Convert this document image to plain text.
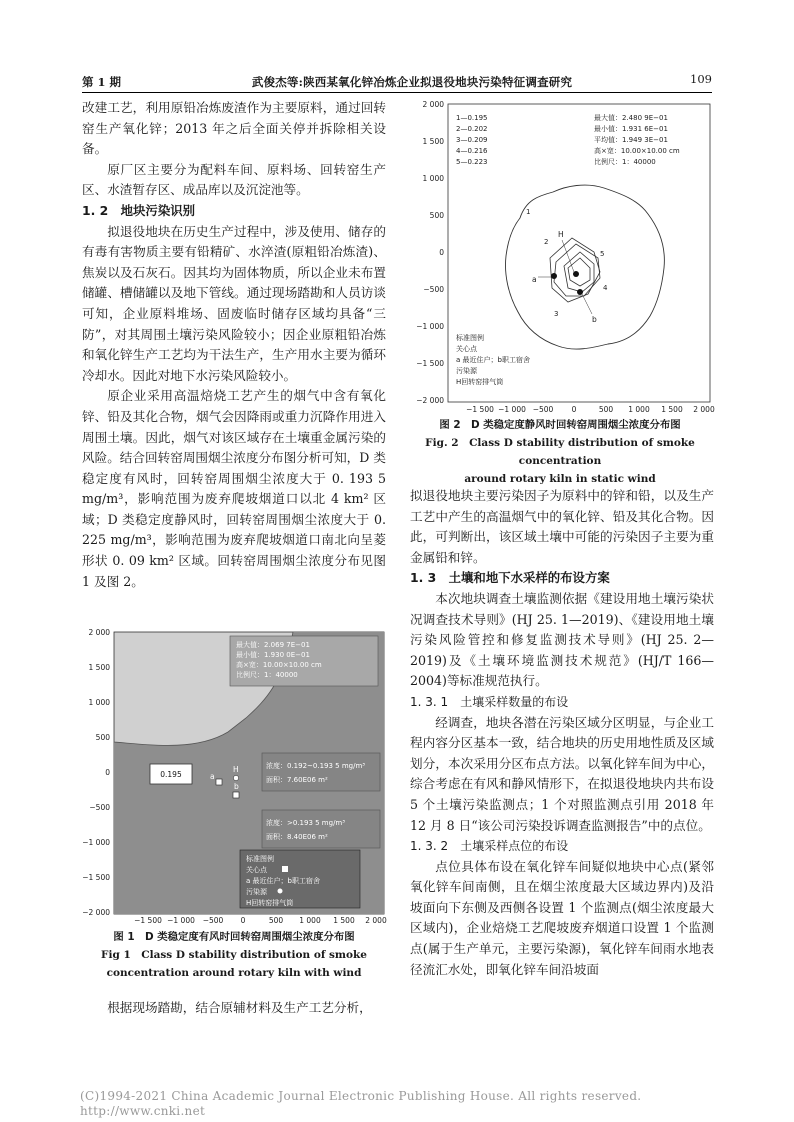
第 1 期	武俊杰等:陕西某氧化锌冶炼企业拟退役地块污染特征调查研究	109

改建工艺，利用原铅冶炼废渣作为主要原料，通过回转窑生产氧化锌；2013 年之后全面关停并拆除相关设备。

原厂区主要分为配料车间、原料场、回转窑生产区、水渣暂存区、成品库以及沉淀池等。

1. 2　 地块污染识别

拟退役地块在历史生产过程中，涉及使用、储存的有毒有害物质主要有铅精矿、水淬渣(原粗铅冶炼渣)、焦炭以及石灰石。因其均为固体物质，所以企业未布置储罐、槽储罐以及地下管线。通过现场踏勘和人员访谈可知，企业原料堆场、固废临时储存区域均具备“三防”，对其周围土壤污染风险较小；因企业原粗铅冶炼和氧化锌生产工艺均为干法生产，生产用水主要为循环冷却水。因此对地下水污染风险较小。

原企业采用高温焙烧工艺产生的烟气中含有氧化锌、铅及其化合物，烟气会因降雨或重力沉降作用进入周围土壤。因此，烟气对该区域存在土壤重金属污染的风险。结合回转窑周围烟尘浓度分布图分析可知，D 类稳定度有风时，回转窑周围烟尘浓度大于 0. 193 5 mg/m³，影响范围为废弃爬坡烟道口以北 4 km² 区域；D 类稳定度静风时，回转窑周围烟尘浓度大于 0. 225 mg/m³，影响范围为废弃爬坡烟道口南北向呈菱形状 0. 09 km² 区域。回转窑周围烟尘浓度分布见图 1 及图 2。

2 000
1 500
1 000
500
0
−500
−1 000
−1 500
−2 000
−1 500 −1 000 −500 0	500 1 000 1 500 2 000
最大值：2.069 7E−01
最小值：1.930 0E−01
高×宽：10.00×10.00 cm
比例尺：1：40000
0.195
浓度：0.192~0.193 5 mg/m³
面积：7.60E06 m²
浓度：>0.193 5 mg/m³
面积：8.40E06 m²
a
H
b
标准图例
关心点
a 最近住户；b职工宿舍
污染源
H回转窑排气筒
图 1　D 类稳定度有风时回转窑周围烟尘浓度分布图
Fig 1　Class D stability distribution of smoke
concentration around rotary kiln with wind

根据现场踏勘，结合原辅材料及生产工艺分析，

2 000
1 500
1 000
500
0
−500
−1 000
−1 500
−2 000
−1 500 −1 000 −500 0	500 1 000 1 500 2 000
1—0.195
2—0.202
3—0.209
4—0.216
5—0.223
最大值：2.480 9E−01
最小值：1.931 6E−01
平均值：1.949 3E−01
高×宽：10.00×10.00 cm
比例尺：1：40000
1
2
3
4
5
a
H
b
标准图例
关心点
a 最近住户；b职工宿舍
污染源
H回转窑排气筒
图 2　D 类稳定度静风时回转窑周围烟尘浓度分布图
Fig. 2　Class D stability distribution of smoke concentration
around rotary kiln in static wind

拟退役地块主要污染因子为原料中的锌和铅，以及生产工艺中产生的高温烟气中的氧化锌、铅及其化合物。因此，可判断出，该区域土壤中可能的污染因子主要为重金属铅和锌。

1. 3　 土壤和地下水采样的布设方案

本次地块调查土壤监测依据《建设用地土壤污染状况调查技术导则》(HJ 25. 1—2019)、《建设用地土壤污染风险管控和修复监测技术导则》(HJ 25. 2—2019)及《土壤环境监测技术规范》(HJ/T 166—2004)等标准规范执行。

1. 3. 1　 土壤采样数量的布设

经调查，地块各潜在污染区域分区明显，与企业工程内容分区基本一致，结合地块的历史用地性质及区域划分，本次采用分区布点方法。以氧化锌车间为中心，综合考虑在有风和静风情形下，在拟退役地块内共布设 5 个土壤污染监测点；1 个对照监测点引用 2018 年 12 月 8 日“该公司污染投诉调查监测报告”中的点位。

1. 3. 2　 土壤采样点位的布设

点位具体布设在氧化锌车间疑似地块中心点(紧邻氧化锌车间南侧，且在烟尘浓度最大区域边界内)及沿坡面向下东侧及西侧各设置 1 个监测点(烟尘浓度最大区域内)，企业焙烧工艺爬坡废弃烟道口设置 1 个监测点(属于生产单元，主要污染源)，氧化锌车间雨水地表径流汇水处，即氧化锌车间沿坡面

(C)1994-2021 China Academic Journal Electronic Publishing House. All rights reserved.　 http://www.cnki.net
